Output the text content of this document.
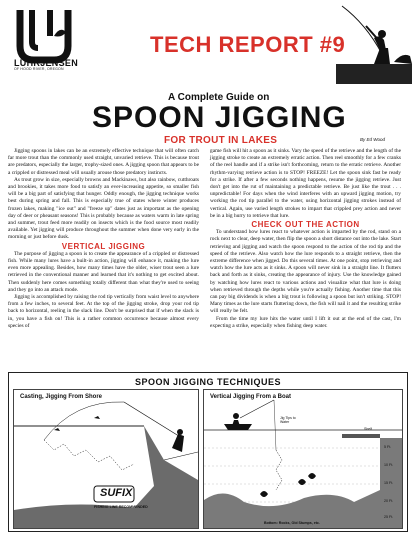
LUHRJENSEN
OF HOOD RIVER, OREGON
TECH REPORT #9
A Complete Guide on
SPOON JIGGING
FOR TROUT IN LAKES	By Ed Wood

Jigging spoons in lakes can be an extremely effective technique that will often catch far more trout than the commonly used straight, unvaried retrieve. This is because trout are predators, especially the larger, trophy-sized ones. A jigging spoon that appears to be a crippled or distressed meal will usually arouse those predatory instincts.

As trout grow in size, especially browns and Mackinaws, but also rainbow, cutthroats and brookies, it takes more food to satisfy an ever-increasing appetite, so smaller fish will be a big part of satisfying that hunger. Oddly enough, the jigging technique works best during spring and fall. This is especially true of states where winter produces frozen lakes, making "ice out" and "freeze up" dates just as important as the opening day of deer or pheasant seasons! This is probably because as waters warm in late spring and summer, trout feed more readily on insects which is the food source most readily available. Yet jigging will produce throughout the summer when done very early in the morning or just before dusk.

VERTICAL JIGGING

The purpose of jigging a spoon is to create the appearance of a crippled or distressed fish. While many lures have a built-in action, jigging will enhance it, making the lure even more appealing. Besides, how many times have the older, wiser trout seen a lure retrieved in the conventional manner and learned that it's nothing to get excited about. Then suddenly here comes something totally different than what they're used to seeing and they go into an attack mode.

Jigging is accomplished by raising the rod tip vertically from waist level to anywhere from a few inches, to several feet. At the top of the jigging stroke, drop your rod tip back to horizontal, reeling in the slack line. Don't be surprised that if when the slack is in, you have a fish on! This is a rather common occurrence because almost every species of

game fish will hit a spoon as it sinks. Vary the speed of the retrieve and the length of the jigging stroke to create an extremely erratic action. Then reel smoothly for a few cranks of the reel handle and if a strike isn't forthcoming, return to the erratic retrieve. Another rhythm-varying retrieve action is to STOP! FREEZE! Let the spoon sink fast be ready for a strike. If after a few seconds nothing happens, resume the jigging retrieve. Just don't get into the rut of maintaining a predictable retrieve. Be just like the trout . . . unpredictable! For days when the wind interferes with an upward jigging motion, try working the rod tip parallel to the water, using horizontal jigging strokes instead of vertical. Again, use varied length strokes to impart that crippled prey action and never be in a big hurry to retrieve that lure.

CHECK OUT THE ACTION

To understand how lures react to whatever action is imparted by the rod, stand on a rock next to clear, deep water, then flip the spoon a short distance out into the lake. Start retrieving and jigging and watch the spoon respond to the action of the rod tip and the speed of the retrieve. Also watch how the lure responds to a straight retrieve, then the extreme difference when jigged. Do this several times. At one point, stop retrieving and watch how the lure acts as it sinks. A spoon will never sink in a straight line. It flutters back and forth as it sinks, creating the appearance of injury. Use the knowledge gained by watching how lures react to various actions and visualize what that lure is doing when retrieved through the depths while you're actually fishing. Another time that this can pay big dividends is when a big trout is following a spoon but isn't striking. STOP! Many times as the lure starts fluttering down, the fish will nail it and the resulting strike will really be felt.

From the time my lure hits the water until I lift it out at the end of the cast, I'm expecting a strike, especially when fishing deep water.

SPOON JIGGING TECHNIQUES
Casting, Jigging From Shore
SUFIX
FISHING LINE RECOMMENDED
Vertical Jigging From a Boat
Jig Tips to Water
Shelf
5 Ft.
10 Ft.
15 Ft.
20 Ft.
25 Ft.
Bottom: Rocks, Old Stumps, etc.
